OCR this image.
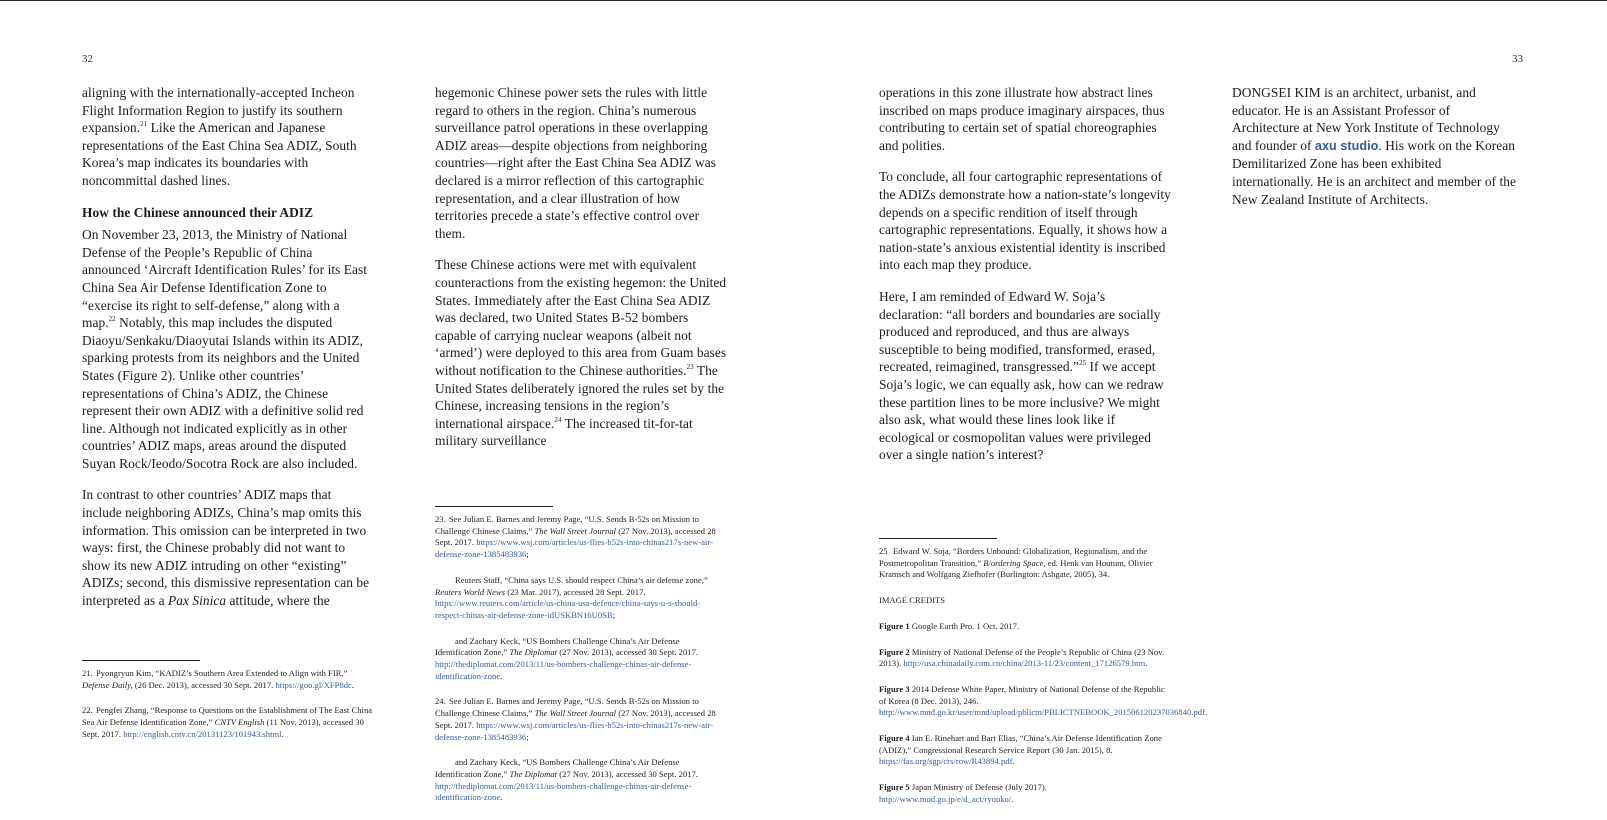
32	33

aligning with the internationally-accepted Incheon Flight Information Region to justify its southern expansion.$^{21}$ Like the American and Japanese representations of the East China Sea ADIZ, South Korea’s map indicates its boundaries with noncommittal dashed lines.

How the Chinese announced their ADIZ

On November 23, 2013, the Ministry of National Defense of the People’s Republic of China announced ‘Aircraft Identification Rules’ for its East China Sea Air Defense Identification Zone to “exercise its right to self-defense,” along with a map.$^{22}$ Notably, this map includes the disputed Diaoyu/Senkaku/Diaoyutai Islands within its ADIZ, sparking protests from its neighbors and the United States (Figure 2). Unlike other countries’ representations of China’s ADIZ, the Chinese represent their own ADIZ with a definitive solid red line. Although not indicated explicitly as in other countries’ ADIZ maps, areas around the disputed Suyan Rock/Ieodo/Socotra Rock are also included.

In contrast to other countries’ ADIZ maps that include neighboring ADIZs, China’s map omits this information. This omission can be interpreted in two ways: first, the Chinese probably did not want to show its new ADIZ intruding on other “existing” ADIZs; second, this dismissive representation can be interpreted as a Pax Sinica attitude, where the

21. Pyongryun Kim, “KADIZ’s Southern Area Extended to Align with FIR,” Defense Daily, (26 Dec. 2013), accessed 30 Sept. 2017. https://goo.gl/XFP8dc.

22. Pengfei Zhang, “Response to Questions on the Establishment of The East China Sea Air Defense Identification Zone,” CNTV English (11 Nov. 2013), accessed 30 Sept. 2017. http://english.cntv.cn/20131123/101943.shtml.

hegemonic Chinese power sets the rules with little regard to others in the region. China’s numerous surveillance patrol operations in these overlapping ADIZ areas—despite objections from neighboring countries—right after the East China Sea ADIZ was declared is a mirror reflection of this cartographic representation, and a clear illustration of how territories precede a state’s effective control over them.

These Chinese actions were met with equivalent counteractions from the existing hegemon: the United States. Immediately after the East China Sea ADIZ was declared, two United States B-52 bombers capable of carrying nuclear weapons (albeit not ‘armed’) were deployed to this area from Guam bases without notification to the Chinese authorities.$^{23}$ The United States deliberately ignored the rules set by the Chinese, increasing tensions in the region’s international airspace.$^{24}$ The increased tit-for-tat military surveillance

23. See Julian E. Barnes and Jeremy Page, “U.S. Sends B-52s on Mission to Challenge Chinese Claims,” The Wall Street Journal (27 Nov. 2013), accessed 28 Sept. 2017. https://www.wsj.com/articles/us-flies-b52s-into-chinas217s-new-air-defense-zone-1385483936;

Reuters Staff, “China says U.S. should respect China’s air defense zone,” Reuters World News (23 Mar. 2017), accessed 28 Sept. 2017. https://www.reuters.com/article/us-china-usa-defence/china-says-u-s-should-respect-chinas-air-defense-zone-idUSKBN16U0SB;

and Zachary Keck, “US Bombers Challenge China’s Air Defense Identification Zone,” The Diplomat (27 Nov. 2013), accessed 30 Sept. 2017. http://thediplomat.com/2013/11/us-bombers-challenge-chinas-air-defense-identification-zone.

24. See Julian E. Barnes and Jeremy Page, “U.S. Sends B-52s on Mission to Challenge Chinese Claims,” The Wall Street Journal (27 Nov. 2013), accessed 28 Sept. 2017. https://www.wsj.com/articles/us-flies-b52s-into-chinas217s-new-air-defense-zone-1385483936;

and Zachary Keck, “US Bombers Challenge China’s Air Defense Identification Zone,” The Diplomat (27 Nov. 2013), accessed 30 Sept. 2017. http://thediplomat.com/2013/11/us-bombers-challenge-chinas-air-defense-identification-zone.

operations in this zone illustrate how abstract lines inscribed on maps produce imaginary airspaces, thus contributing to certain set of spatial choreographies and polities.

To conclude, all four cartographic representations of the ADIZs demonstrate how a nation-state’s longevity depends on a specific rendition of itself through cartographic representations. Equally, it shows how a nation-state’s anxious existential identity is inscribed into each map they produce.

Here, I am reminded of Edward W. Soja’s declaration: “all borders and boundaries are socially produced and reproduced, and thus are always susceptible to being modified, transformed, erased, recreated, reimagined, transgressed.”$^{25}$ If we accept Soja’s logic, we can equally ask, how can we redraw these partition lines to be more inclusive? We might also ask, what would these lines look like if ecological or cosmopolitan values were privileged over a single nation’s interest?

25 Edward W. Soja, “Borders Unbound: Globalization, Regionalism, and the Postmetropolitan Transition,” B/ordering Space, ed. Henk van Houtum, Olivier Kramsch and Wolfgang Ziefhofer (Burlington: Ashgate, 2005), 34.

IMAGE CREDITS

Figure 1 Google Earth Pro. 1 Oct. 2017.

Figure 2 Ministry of National Defense of the People’s Republic of China (23 Nov. 2013). http://usa.chinadaily.com.cn/china/2013-11/23/content_17126579.htm.

Figure 3 2014 Defense White Paper, Ministry of National Defense of the Republic of Korea (8 Dec. 2013), 246. http://www.mnd.go.kr/user/mnd/upload/pblictn/PBLICTNEBOOK_201506120237036840.pdf.

Figure 4 Ian E. Rinehart and Bart Elias, “China’s Air Defense Identification Zone (ADIZ),” Congressional Research Service Report (30 Jan. 2015), 8. https://fas.org/sgp/crs/row/R43894.pdf.

Figure 5 Japan Ministry of Defense (July 2017). http://www.mod.go.jp/e/d_act/ryouku/.

DONGSEI KIM is an architect, urbanist, and educator. He is an Assistant Professor of Architecture at New York Institute of Technology and founder of axu studio. His work on the Korean Demilitarized Zone has been exhibited internationally. He is an architect and member of the New Zealand Institute of Architects.
